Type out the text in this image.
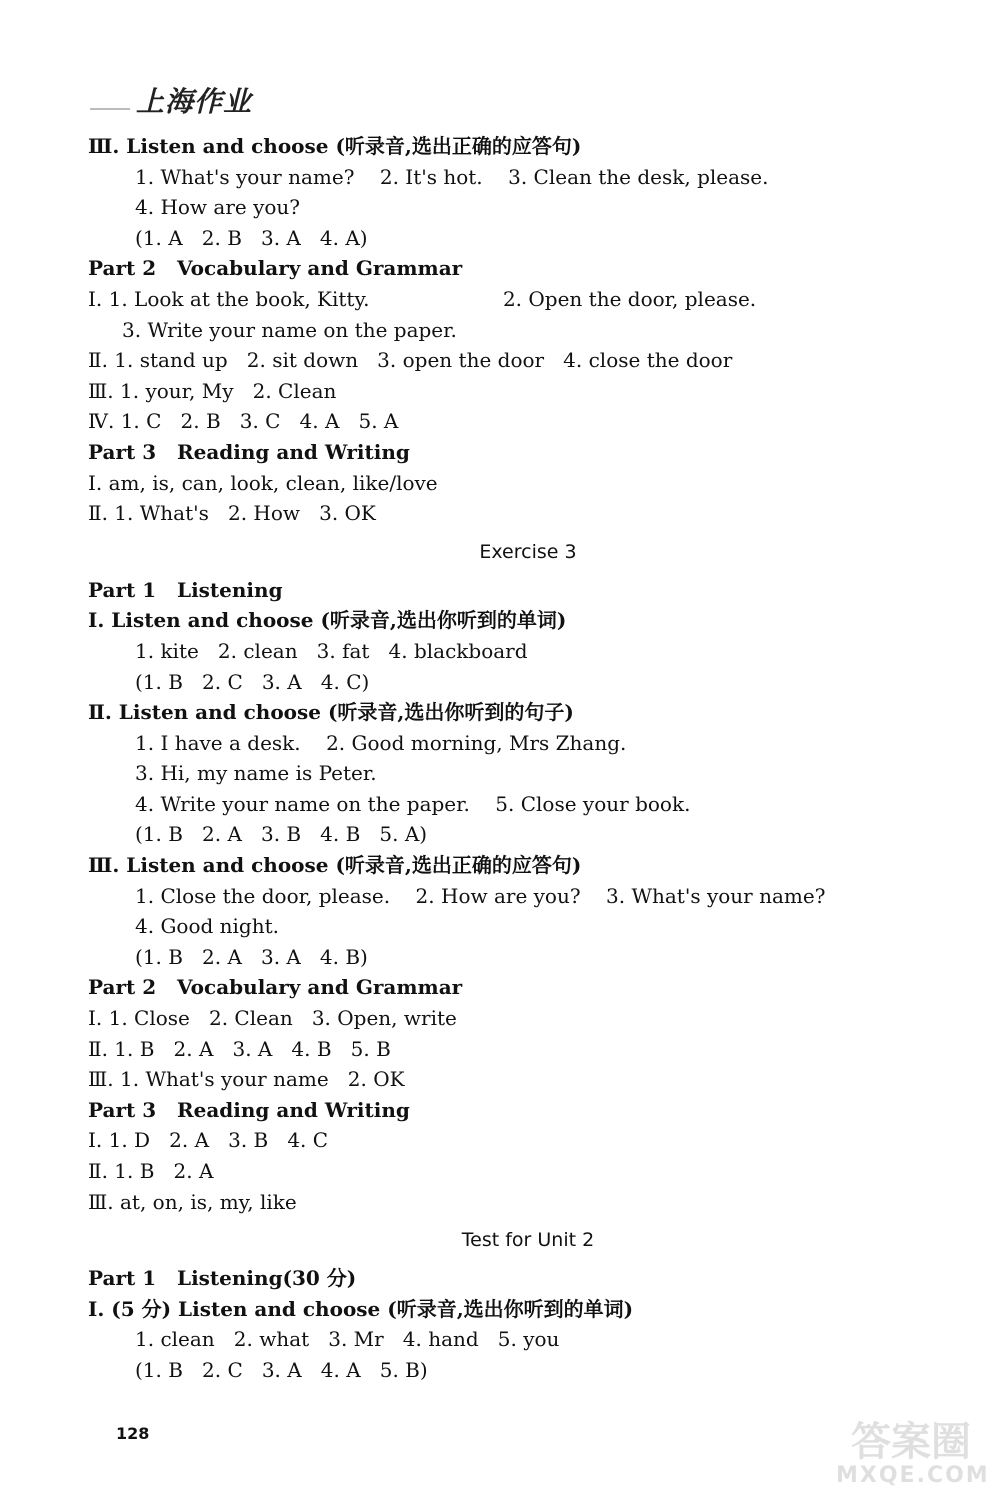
上海作业
Ⅲ. Listen and choose (听录音,选出正确的应答句)
1. What's your name?    2. It's hot.    3. Clean the desk, please.
4. How are you?
(1. A   2. B   3. A   4. A)
Part 2   Vocabulary and Grammar
Ⅰ. 1. Look at the book, Kitty.                     2. Open the door, please.
3. Write your name on the paper.
Ⅱ. 1. stand up   2. sit down   3. open the door   4. close the door
Ⅲ. 1. your, My   2. Clean
Ⅳ. 1. C   2. B   3. C   4. A   5. A
Part 3   Reading and Writing
Ⅰ. am, is, can, look, clean, like/love
Ⅱ. 1. What's   2. How   3. OK
Exercise 3
Part 1   Listening
Ⅰ. Listen and choose (听录音,选出你听到的单词)
1. kite   2. clean   3. fat   4. blackboard
(1. B   2. C   3. A   4. C)
Ⅱ. Listen and choose (听录音,选出你听到的句子)
1. I have a desk.    2. Good morning, Mrs Zhang.
3. Hi, my name is Peter.
4. Write your name on the paper.    5. Close your book.
(1. B   2. A   3. B   4. B   5. A)
Ⅲ. Listen and choose (听录音,选出正确的应答句)
1. Close the door, please.    2. How are you?    3. What's your name?
4. Good night.
(1. B   2. A   3. A   4. B)
Part 2   Vocabulary and Grammar
Ⅰ. 1. Close   2. Clean   3. Open, write
Ⅱ. 1. B   2. A   3. A   4. B   5. B
Ⅲ. 1. What's your name   2. OK
Part 3   Reading and Writing
Ⅰ. 1. D   2. A   3. B   4. C
Ⅱ. 1. B   2. A
Ⅲ. at, on, is, my, like
Test for Unit 2
Part 1   Listening(30 分)
Ⅰ. (5 分) Listen and choose (听录音,选出你听到的单词)
1. clean   2. what   3. Mr   4. hand   5. you
(1. B   2. C   3. A   4. A   5. B)
128	答案圈
MXQE.COM
